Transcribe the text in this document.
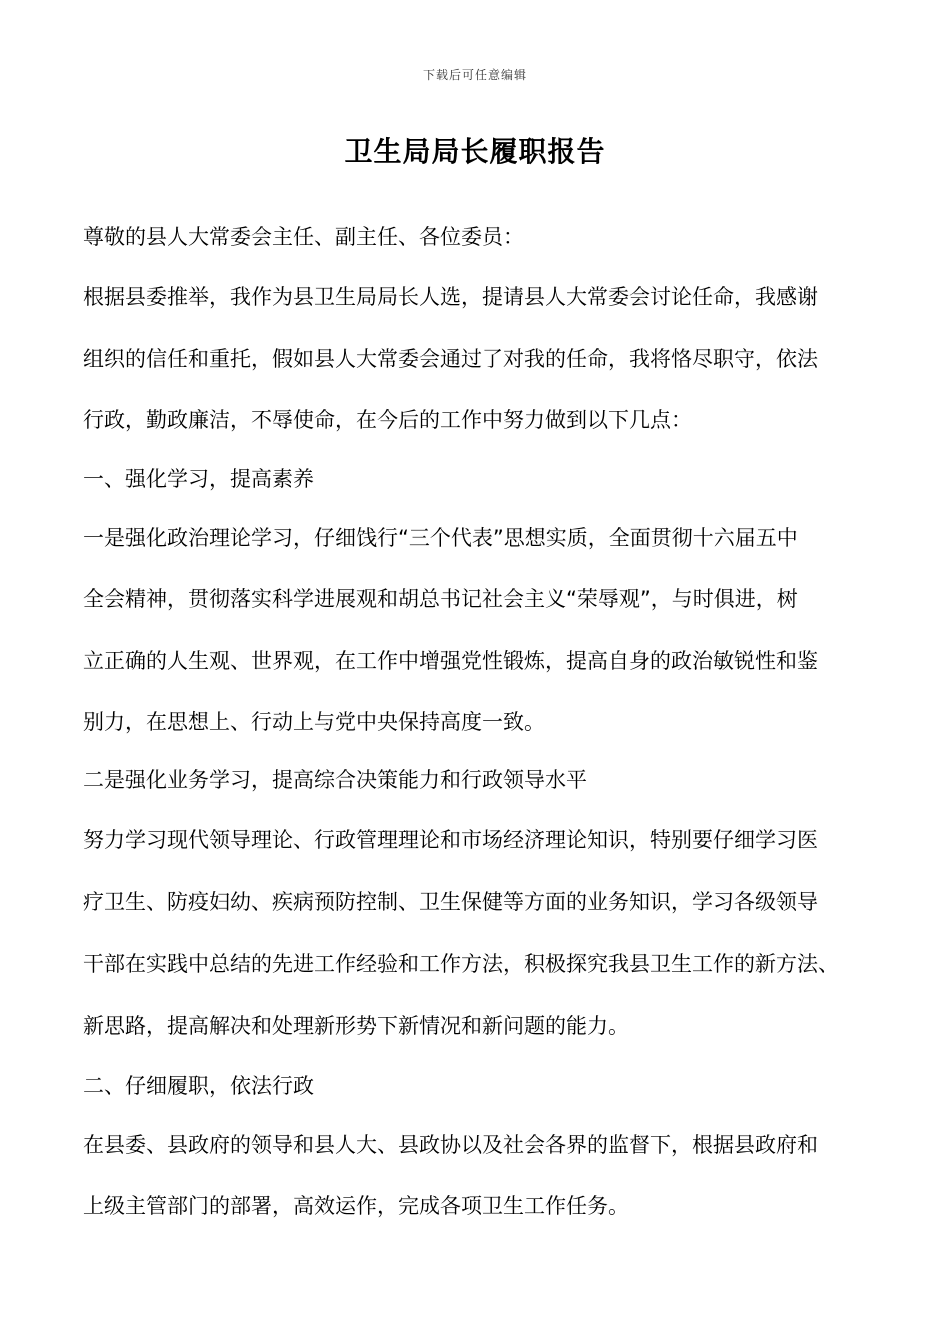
下载后可任意编辑
卫生局局长履职报告
尊敬的县人大常委会主任、副主任、各位委员：
根据县委推举，我作为县卫生局局长人选，提请县人大常委会讨论任命，我感谢
组织的信任和重托，假如县人大常委会通过了对我的任命，我将恪尽职守，依法
行政，勤政廉洁，不辱使命，在今后的工作中努力做到以下几点：
一、强化学习，提高素养
一是强化政治理论学习，仔细饯行“三个代表”思想实质，全面贯彻十六届五中
全会精神，贯彻落实科学进展观和胡总书记社会主义“荣辱观”，与时俱进，树
立正确的人生观、世界观，在工作中增强党性锻炼，提高自身的政治敏锐性和鉴
别力，在思想上、行动上与党中央保持高度一致。
二是强化业务学习，提高综合决策能力和行政领导水平
努力学习现代领导理论、行政管理理论和市场经济理论知识，特别要仔细学习医
疗卫生、防疫妇幼、疾病预防控制、卫生保健等方面的业务知识，学习各级领导
干部在实践中总结的先进工作经验和工作方法，积极探究我县卫生工作的新方法、
新思路，提高解决和处理新形势下新情况和新问题的能力。
二、仔细履职，依法行政
在县委、县政府的领导和县人大、县政协以及社会各界的监督下，根据县政府和
上级主管部门的部署，高效运作，完成各项卫生工作任务。
